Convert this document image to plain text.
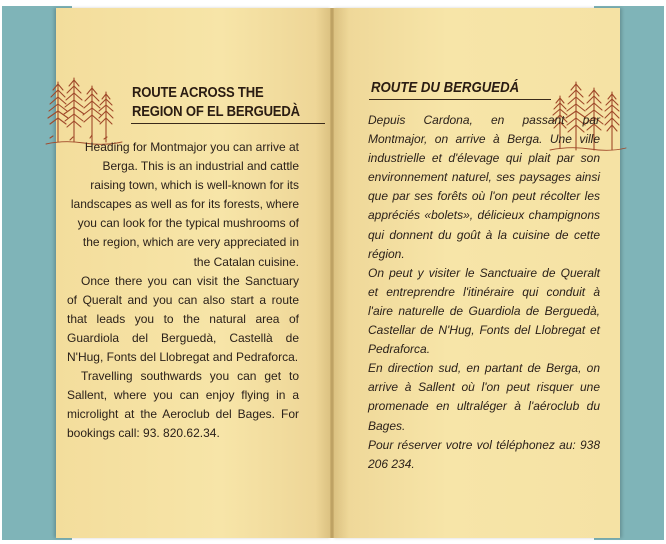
ROUTE ACROSS THE
REGION OF EL BERGUEDÀ

Heading for Montmajor you can arrive at Berga. This is an industrial and cattle raising town, which is well-known for its landscapes as well as for its forests, where you can look for the typical mushrooms of the region, which are very appreciated in the Catalan cuisine.

Once there you can visit the Sanctuary of Queralt and you can also start a route that leads you to the natural area of Guardiola del Berguedà, Castellà de N'Hug, Fonts del Llobregat and Pedraforca.

Travelling southwards you can get to Sallent, where you can enjoy flying in a microlight at the Aeroclub del Bages. For bookings call: 93. 820.62.34.

ROUTE DU BERGUEDÁ

Depuis Cardona, en passant par Montmajor, on arrive à Berga. Une ville industrielle et d'élevage qui plait par son environnement naturel, ses paysages ainsi que par ses forêts où l'on peut récolter les appréciés «bolets», délicieux champignons qui donnent du goût à la cuisine de cette région.

On peut y visiter le Sanctuaire de Queralt et entreprendre l'itinéraire qui conduit à l'aire naturelle de Guardiola de Berguedà, Castellar de N'Hug, Fonts del Llobregat et Pedraforca.

En direction sud, en partant de Berga, on arrive à Sallent où l'on peut risquer une promenade en ultraléger à l'aéroclub du Bages.

Pour réserver votre vol téléphonez au: 938 206 234.
